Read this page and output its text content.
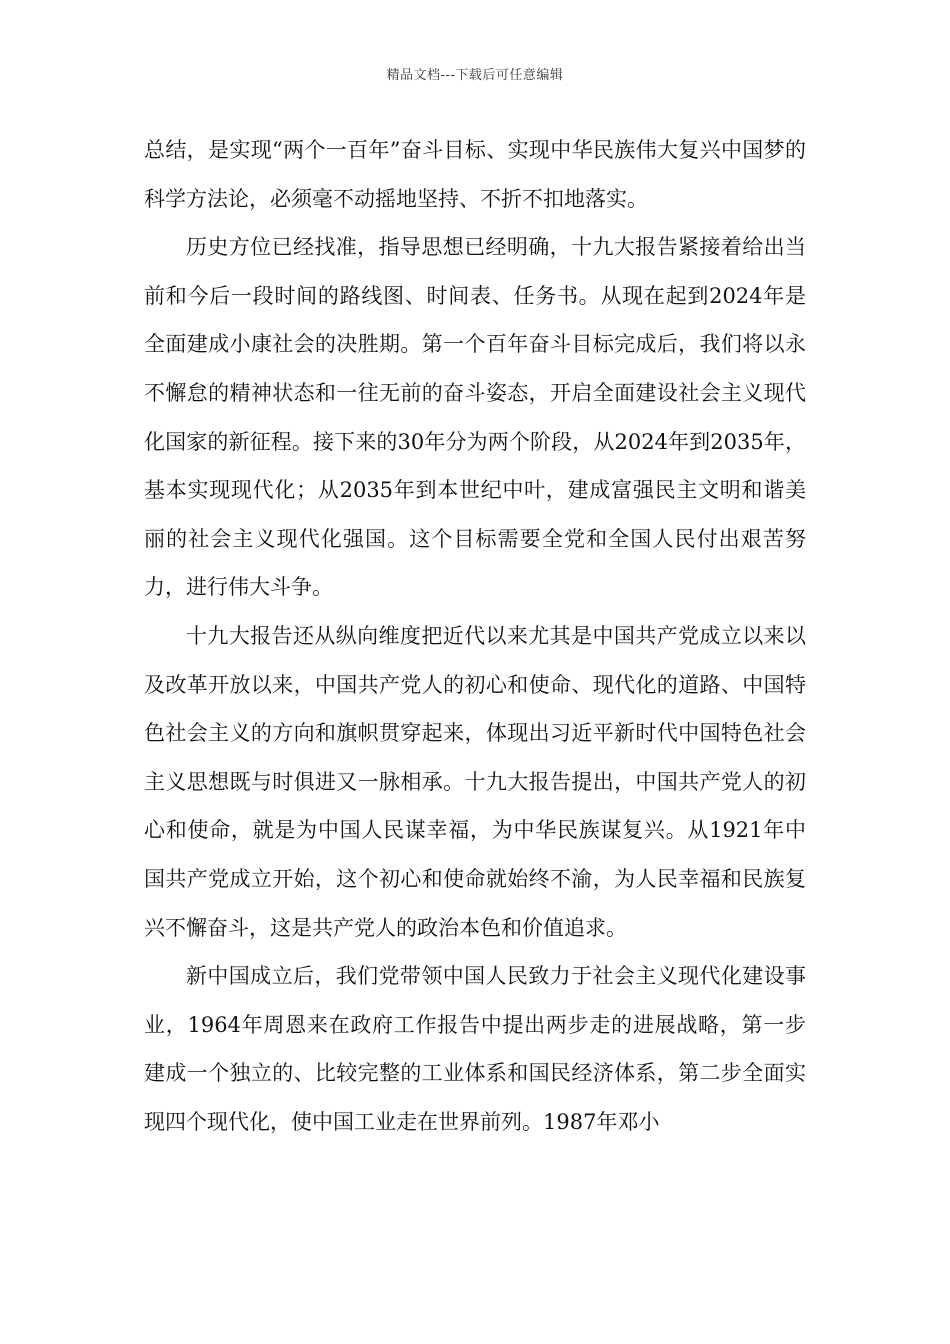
精品文档---下载后可任意编辑

总结，是实现“两个一百年”奋斗目标、实现中华民族伟大复兴中国梦的科学方法论，必须毫不动摇地坚持、不折不扣地落实。

历史方位已经找准，指导思想已经明确，十九大报告紧接着给出当前和今后一段时间的路线图、时间表、任务书。从现在起到2024年是全面建成小康社会的决胜期。第一个百年奋斗目标完成后，我们将以永不懈怠的精神状态和一往无前的奋斗姿态，开启全面建设社会主义现代化国家的新征程。接下来的30年分为两个阶段，从2024年到2035年，基本实现现代化；从2035年到本世纪中叶，建成富强民主文明和谐美丽的社会主义现代化强国。这个目标需要全党和全国人民付出艰苦努力，进行伟大斗争。

十九大报告还从纵向维度把近代以来尤其是中国共产党成立以来以及改革开放以来，中国共产党人的初心和使命、现代化的道路、中国特色社会主义的方向和旗帜贯穿起来，体现出习近平新时代中国特色社会主义思想既与时俱进又一脉相承。十九大报告提出，中国共产党人的初心和使命，就是为中国人民谋幸福，为中华民族谋复兴。从1921年中国共产党成立开始，这个初心和使命就始终不渝，为人民幸福和民族复兴不懈奋斗，这是共产党人的政治本色和价值追求。

新中国成立后，我们党带领中国人民致力于社会主义现代化建设事业，1964年周恩来在政府工作报告中提出两步走的进展战略，第一步建成一个独立的、比较完整的工业体系和国民经济体系，第二步全面实现四个现代化，使中国工业走在世界前列。1987年邓小
